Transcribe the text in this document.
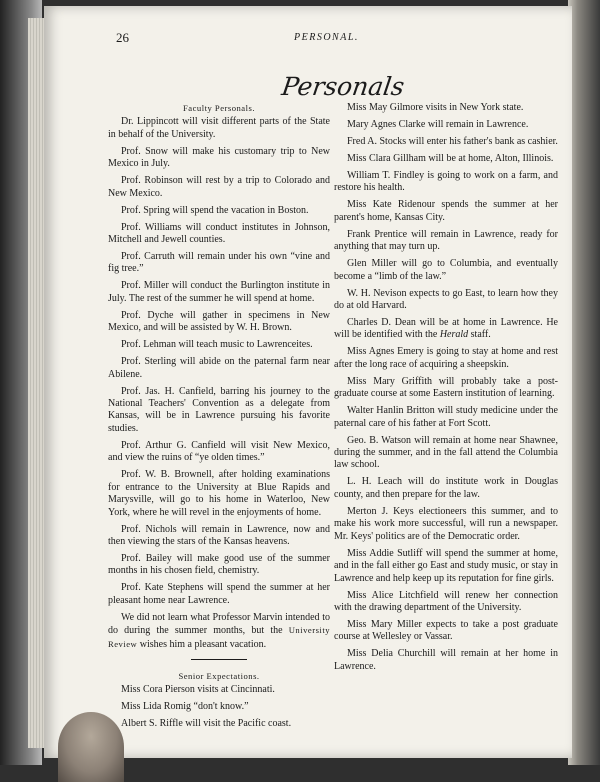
26	PERSONAL.
Personals

Faculty Personals.

Dr. Lippincott will visit different parts of the State in behalf of the University.

Prof. Snow will make his customary trip to New Mexico in July.

Prof. Robinson will rest by a trip to Colorado and New Mexico.

Prof. Spring will spend the vacation in Boston.

Prof. Williams will conduct institutes in Johnson, Mitchell and Jewell counties.

Prof. Carruth will remain under his own “vine and fig tree.”

Prof. Miller will conduct the Burlington institute in July. The rest of the summer he will spend at home.

Prof. Dyche will gather in specimens in New Mexico, and will be assisted by W. H. Brown.

Prof. Lehman will teach music to Lawrenceites.

Prof. Sterling will abide on the paternal farm near Abilene.

Prof. Jas. H. Canfield, barring his journey to the National Teachers' Convention as a delegate from Kansas, will be in Lawrence pursuing his favorite studies.

Prof. Arthur G. Canfield will visit New Mexico, and view the ruins of “ye olden times.”

Prof. W. B. Brownell, after holding examinations for entrance to the University at Blue Rapids and Marysville, will go to his home in Waterloo, New York, where he will revel in the enjoyments of home.

Prof. Nichols will remain in Lawrence, now and then viewing the stars of the Kansas heavens.

Prof. Bailey will make good use of the summer months in his chosen field, chemistry.

Prof. Kate Stephens will spend the summer at her pleasant home near Lawrence.

We did not learn what Professor Marvin intended to do during the summer months, but the University Review wishes him a pleasant vacation.

Senior Expectations.

Miss Cora Pierson visits at Cincinnati.

Miss Lida Romig “don't know.”

Albert S. Riffle will visit the Pacific coast.

Miss May Gilmore visits in New York state.

Mary Agnes Clarke will remain in Lawrence.

Fred A. Stocks will enter his father's bank as cashier.

Miss Clara Gillham will be at home, Alton, Illinois.

William T. Findley is going to work on a farm, and restore his health.

Miss Kate Ridenour spends the summer at her parent's home, Kansas City.

Frank Prentice will remain in Lawrence, ready for anything that may turn up.

Glen Miller will go to Columbia, and eventually become a “limb of the law.”

W. H. Nevison expects to go East, to learn how they do at old Harvard.

Charles D. Dean will be at home in Lawrence. He will be identified with the Herald staff.

Miss Agnes Emery is going to stay at home and rest after the long race of acquiring a sheepskin.

Miss Mary Griffith will probably take a post-graduate course at some Eastern institution of learning.

Walter Hanlin Britton will study medicine under the paternal care of his father at Fort Scott.

Geo. B. Watson will remain at home near Shawnee, during the summer, and in the fall attend the Columbia law school.

L. H. Leach will do institute work in Douglas county, and then prepare for the law.

Merton J. Keys electioneers this summer, and to make his work more successful, will run a newspaper. Mr. Keys' politics are of the Democratic order.

Miss Addie Sutliff will spend the summer at home, and in the fall either go East and study music, or stay in Lawrence and help keep up its reputation for fine girls.

Miss Alice Litchfield will renew her connection with the drawing department of the University.

Miss Mary Miller expects to take a post graduate course at Wellesley or Vassar.

Miss Delia Churchill will remain at her home in Lawrence.
